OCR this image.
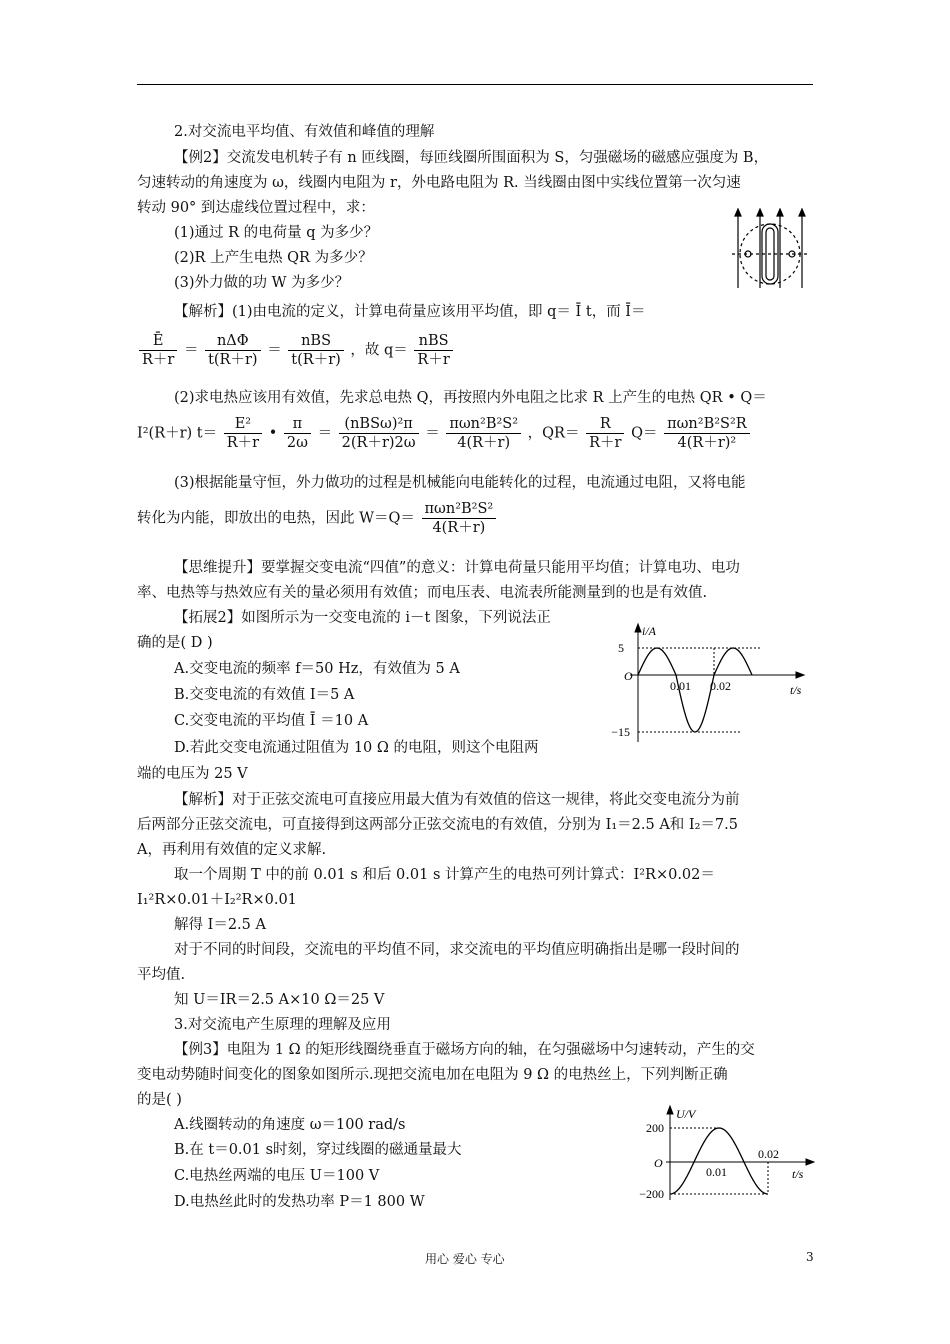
2.对交流电平均值、有效值和峰值的理解
【例2】交流发电机转子有 n 匝线圈，每匝线圈所围面积为 S，匀强磁场的磁感应强度为 B，
匀速转动的角速度为 ω，线圈内电阻为 r，外电路电阻为 R. 当线圈由图中实线位置第一次匀速
转动 90° 到达虚线位置过程中，求：
(1)通过 R 的电荷量 q 为多少？
(2)R 上产生电热 QR 为多少？
(3)外力做的功 W 为多少？
【解析】(1)由电流的定义，计算电荷量应该用平均值，即 q＝ Ī t，而 Ī＝
$\frac{Ē}{R+r} = \frac{\text{nΔΦ}}{t(R+r)} = \frac{\text{nBS}}{t(R+r)}$ ，故 $q= \frac{\text{nBS}}{R+r}$
(2)求电热应该用有效值，先求总电热 Q，再按照内外电阻之比求 R 上产生的电热 QR • Q＝
I²(R＋r) $t= \frac{\text{E²}}{R+r}$ • $\frac{\pi}{2\omega} = \frac{\text{(nBSω)²π}}{2(R+r)2\omega} = \frac{\text{πωn²B²S²}}{4(R+r)}$ ，$QR= \frac{R}{R+r} Q= \frac{\text{πωn²B²S²R}}{\text{4(R＋r)²}}$
(3)根据能量守恒，外力做功的过程是机械能向电能转化的过程，电流通过电阻，又将电能
转化为内能，即放出的电热，因此 $W=Q= \frac{\text{πωn²B²S²}}{4(R+r)}$
【思维提升】要掌握交变电流“四值”的意义：计算电荷量只能用平均值；计算电功、电功
率、电热等与热效应有关的量必须用有效值；而电压表、电流表所能测量到的也是有效值.
【拓展2】如图所示为一交变电流的 i－t 图象，下列说法正
确的是( D )
A.交变电流的频率 f＝50 Hz，有效值为 5 A
B.交变电流的有效值 I＝5 A
C.交变电流的平均值 Ī ＝10 A
D.若此交变电流通过阻值为 10 Ω 的电阻，则这个电阻两
端的电压为 25 V
i/A
5
−15
O
0.01 0.02	t/s
【解析】对于正弦交流电可直接应用最大值为有效值的倍这一规律，将此交变电流分为前
后两部分正弦交流电，可直接得到这两部分正弦交流电的有效值，分别为 I₁＝2.5 A和 I₂＝7.5
A，再利用有效值的定义求解.
取一个周期 T 中的前 0.01 s 和后 0.01 s 计算产生的电热可列计算式：I²R×0.02＝
I₁²R×0.01＋I₂²R×0.01
解得 I＝2.5 A
对于不同的时间段，交流电的平均值不同，求交流电的平均值应明确指出是哪一段时间的
平均值.
知 U＝IR＝2.5 A×10 Ω＝25 V
3.对交流电产生原理的理解及应用
【例3】电阻为 1 Ω 的矩形线圈绕垂直于磁场方向的轴，在匀强磁场中匀速转动，产生的交
变电动势随时间变化的图象如图所示.现把交流电加在电阻为 9 Ω 的电热丝上，下列判断正确
的是( )
A.线圈转动的角速度 ω＝100 rad/s
B.在 t＝0.01 s时刻，穿过线圈的磁通量最大
C.电热丝两端的电压 U＝100 V
D.电热丝此时的发热功率 P＝1 800 W
U/V
200
−200
O
0.01
0.02
t/s
用心 爱心 专心	3
